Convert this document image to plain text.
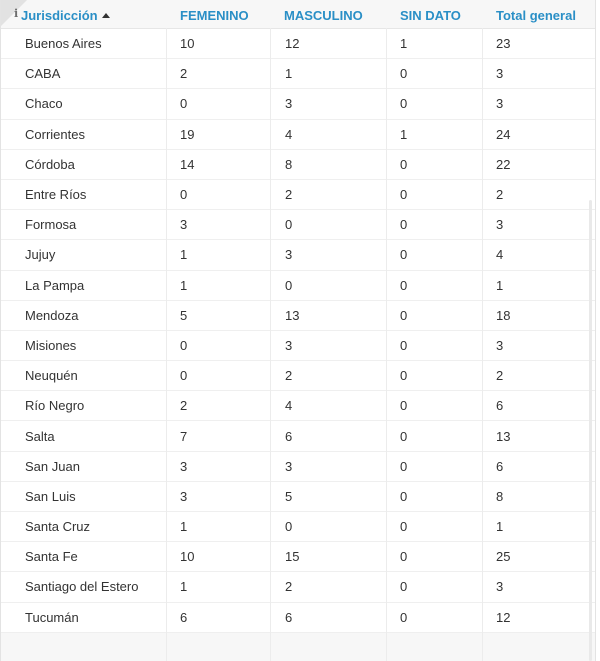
i Jurisdicción	FEMENINO	MASCULINO	SIN DATO	Total general
Buenos Aires	10	12	1	23
CABA	2	1	0	3
Chaco	0	3	0	3
Corrientes	19	4	1	24
Córdoba	14	8	0	22
Entre Ríos	0	2	0	2
Formosa	3	0	0	3
Jujuy	1	3	0	4
La Pampa	1	0	0	1
Mendoza	5	13	0	18
Misiones	0	3	0	3
Neuquén	0	2	0	2
Río Negro	2	4	0	6
Salta	7	6	0	13
San Juan	3	3	0	6
San Luis	3	5	0	8
Santa Cruz	1	0	0	1
Santa Fe	10	15	0	25
Santiago del Estero	1	2	0	3
Tucumán	6	6	0	12
